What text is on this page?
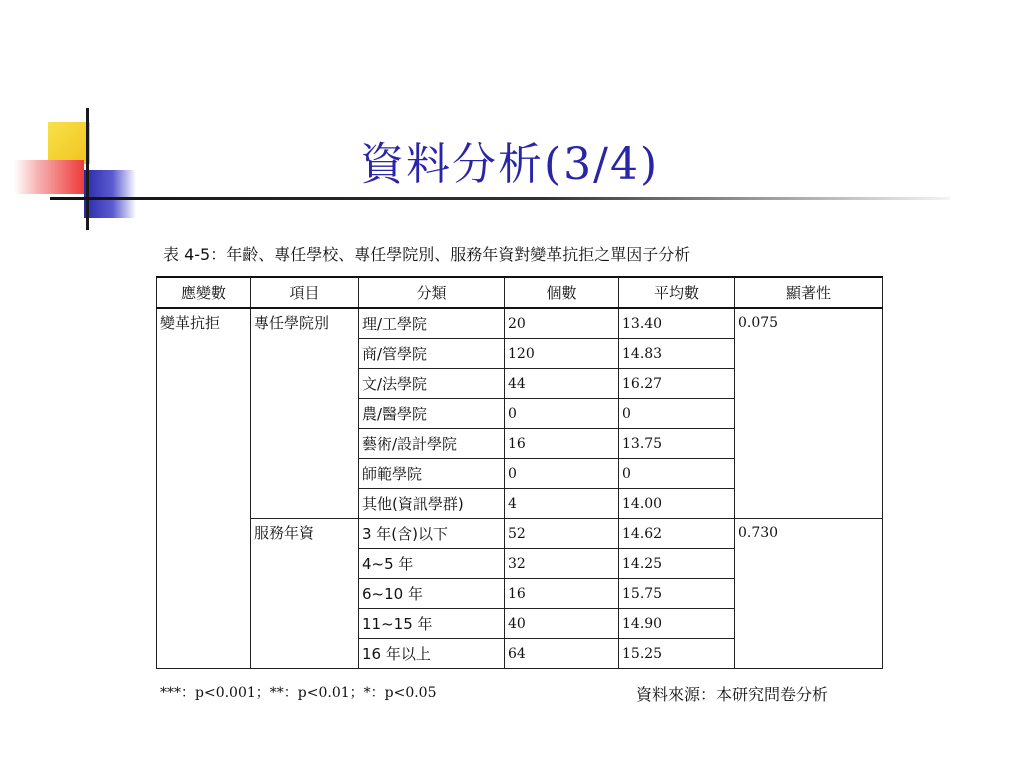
資料分析(3/4)
表 4-5：年齡、專任學校、專任學院別、服務年資對變革抗拒之單因子分析
應變數	項目	分類	個數	平均數	顯著性
變革抗拒	專任學院別	理/工學院	20	13.40	0.075
		商/管學院	120	14.83	
		文/法學院	44	16.27	
		農/醫學院	0	0	
		藝術/設計學院	16	13.75	
		師範學院	0	0	
		其他(資訊學群)	4	14.00	
	服務年資	3 年(含)以下	52	14.62	0.730
		4~5 年	32	14.25	
		6~10 年	16	15.75	
		11~15 年	40	14.90	
		16 年以上	64	15.25	
***：p<0.001；**：p<0.01；*：p<0.05	資料來源：本研究問卷分析
